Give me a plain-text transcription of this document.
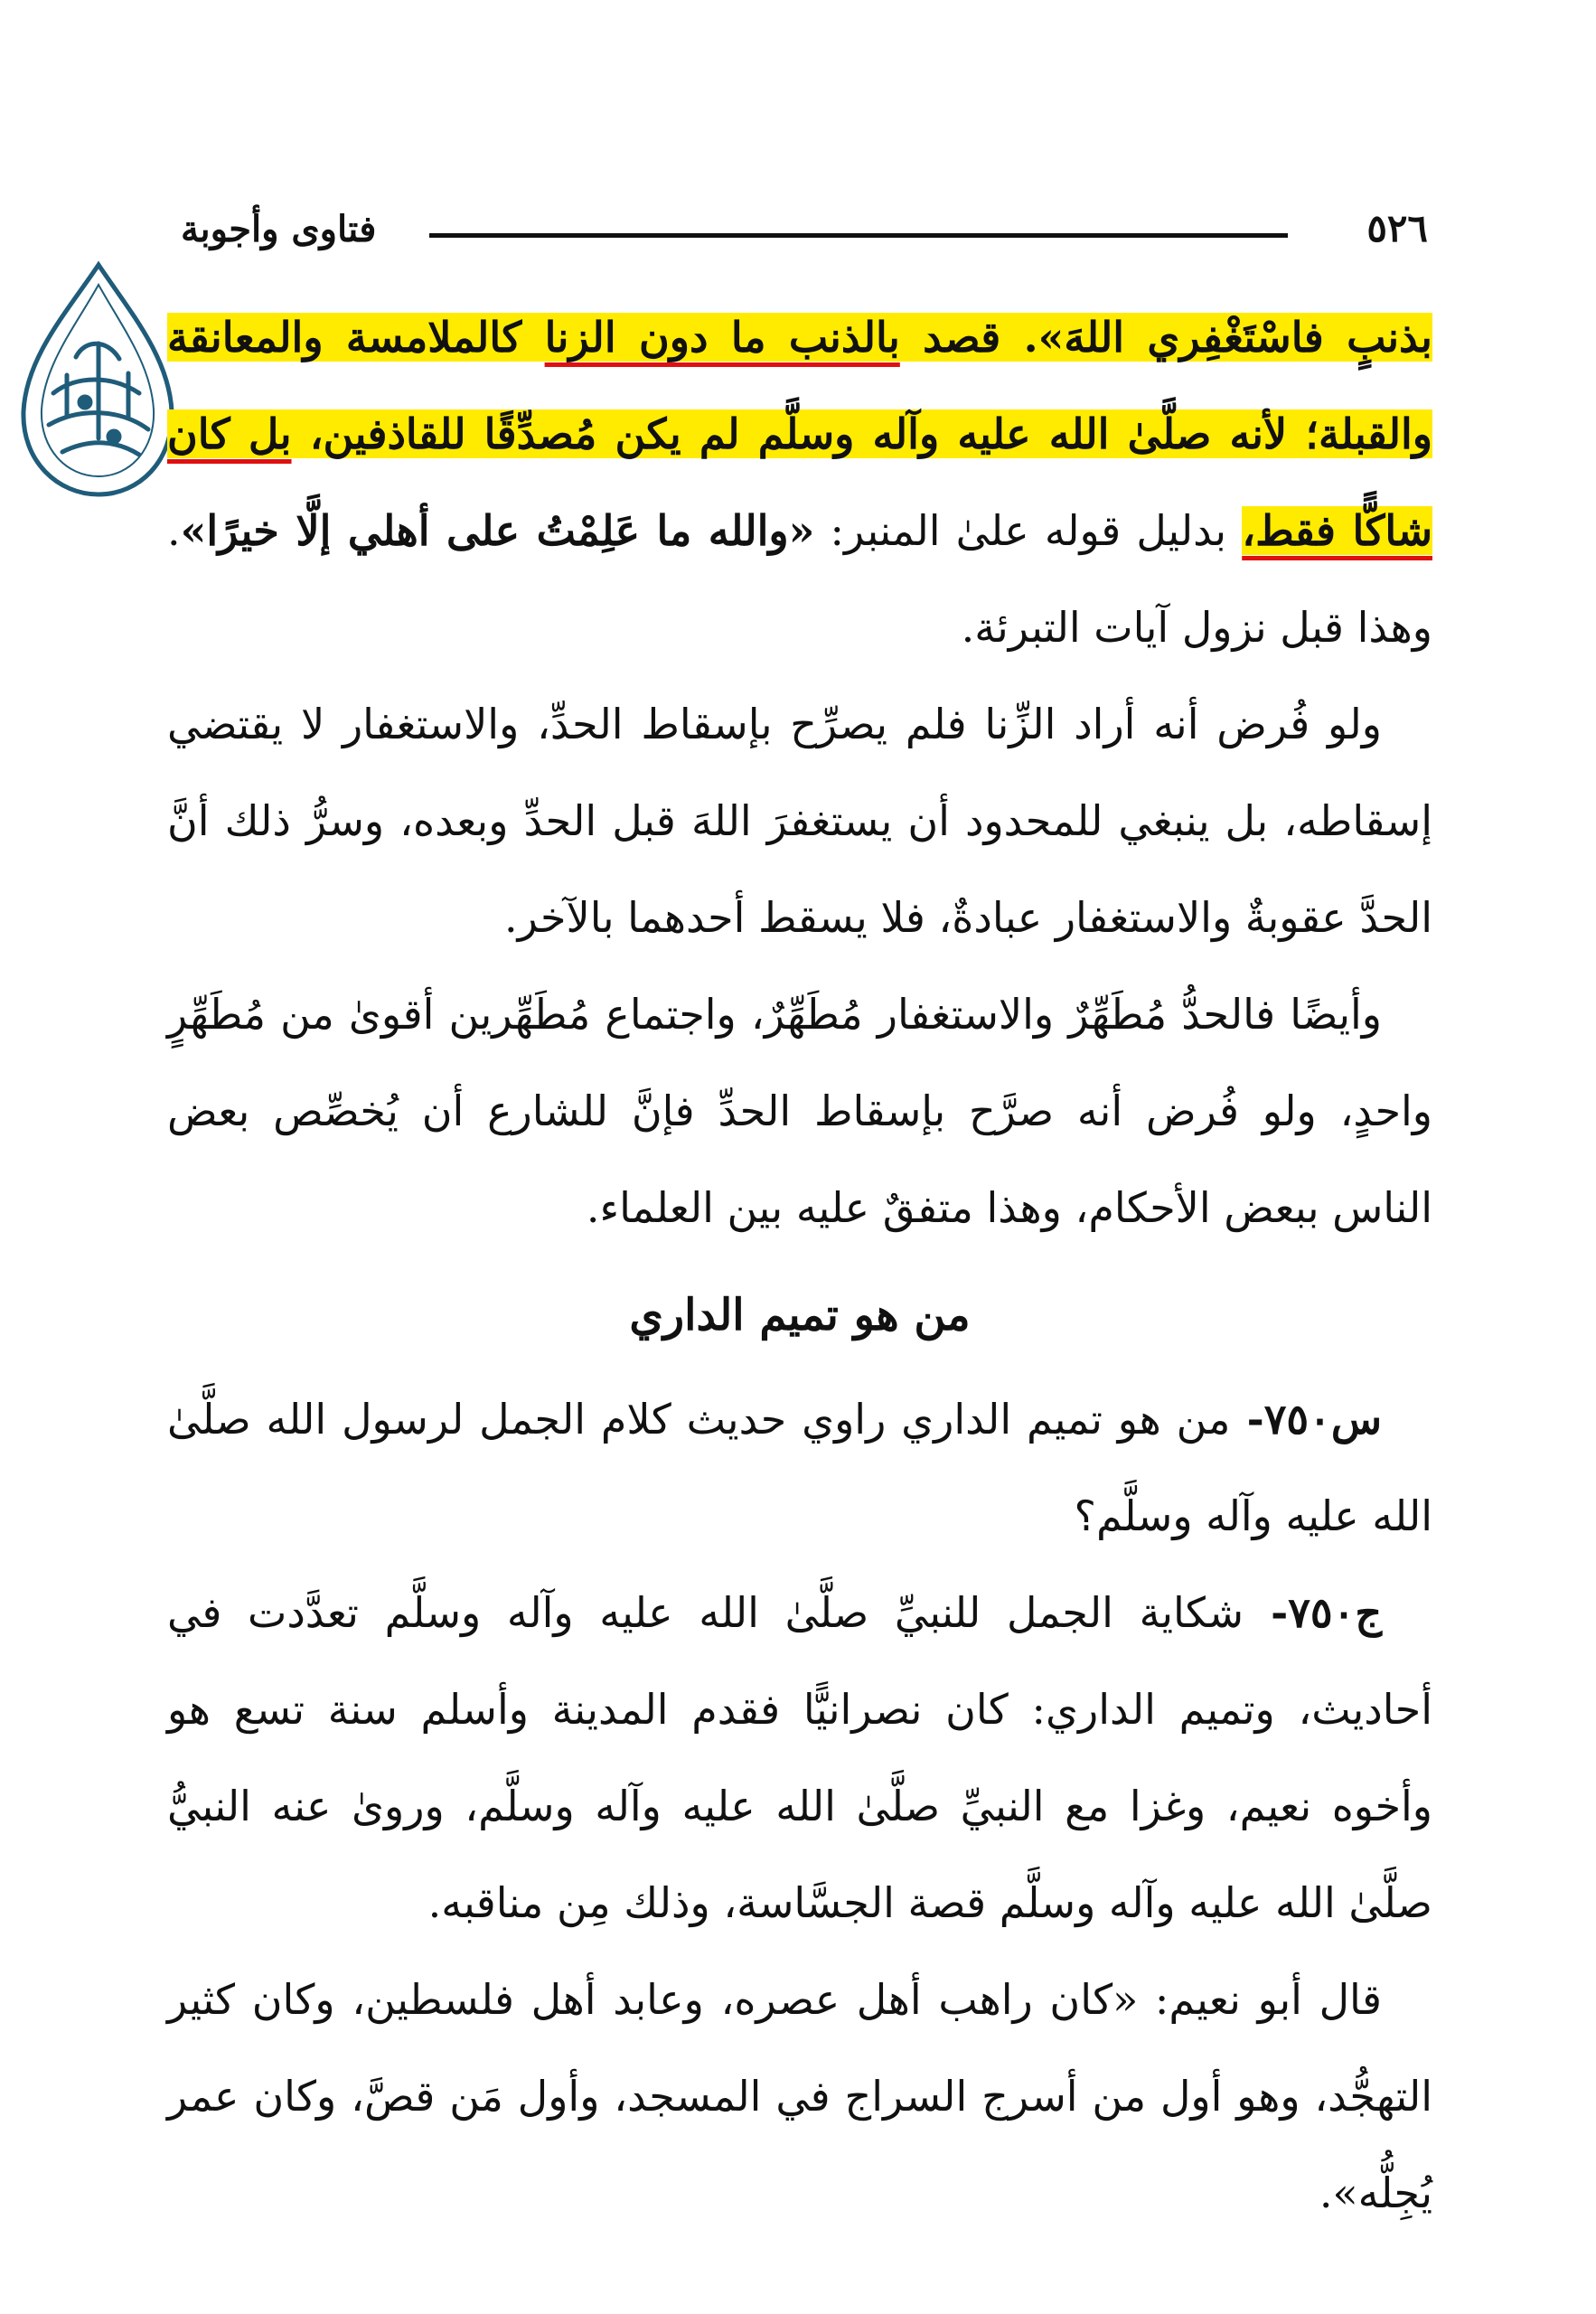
٥٢٦
فتاوى وأجوبة

بذنبٍ فاسْتَغْفِري اللهَ». قصد بالذنب ما دون الزنا كالملامسة والمعانقة والقبلة؛ لأنه صلَّىٰ الله عليه وآله وسلَّم لم يكن مُصدِّقًا للقاذفين، بل كان شاكًّا فقط، بدليل قوله علىٰ المنبر: «والله ما عَلِمْتُ على أهلي إلَّا خيرًا». وهذا قبل نزول آيات التبرئة.

ولو فُرض أنه أراد الزِّنا فلم يصرِّح بإسقاط الحدِّ، والاستغفار لا يقتضي إسقاطه، بل ينبغي للمحدود أن يستغفرَ اللهَ قبل الحدِّ وبعده، وسرُّ ذلك أنَّ الحدَّ عقوبةٌ والاستغفار عبادةٌ، فلا يسقط أحدهما بالآخر.

وأيضًا فالحدُّ مُطَهِّرٌ والاستغفار مُطَهِّرٌ، واجتماع مُطَهِّرين أقوىٰ من مُطَهِّرٍ واحدٍ، ولو فُرض أنه صرَّح بإسقاط الحدِّ فإنَّ للشارع أن يُخصِّص بعض الناس ببعض الأحكام، وهذا متفقٌ عليه بين العلماء.

من هو تميم الداري

س٧٥٠- من هو تميم الداري راوي حديث كلام الجمل لرسول الله صلَّىٰ الله عليه وآله وسلَّم؟

ج٧٥٠- شكاية الجمل للنبيِّ صلَّىٰ الله عليه وآله وسلَّم تعدَّدت في أحاديث، وتميم الداري: كان نصرانيًّا فقدم المدينة وأسلم سنة تسع هو وأخوه نعيم، وغزا مع النبيِّ صلَّىٰ الله عليه وآله وسلَّم، وروىٰ عنه النبيُّ صلَّىٰ الله عليه وآله وسلَّم قصة الجسَّاسة، وذلك مِن مناقبه.

قال أبو نعيم: «كان راهب أهل عصره، وعابد أهل فلسطين، وكان كثير التهجُّد، وهو أول من أسرج السراج في المسجد، وأول مَن قصَّ، وكان عمر يُجِلُّه».
